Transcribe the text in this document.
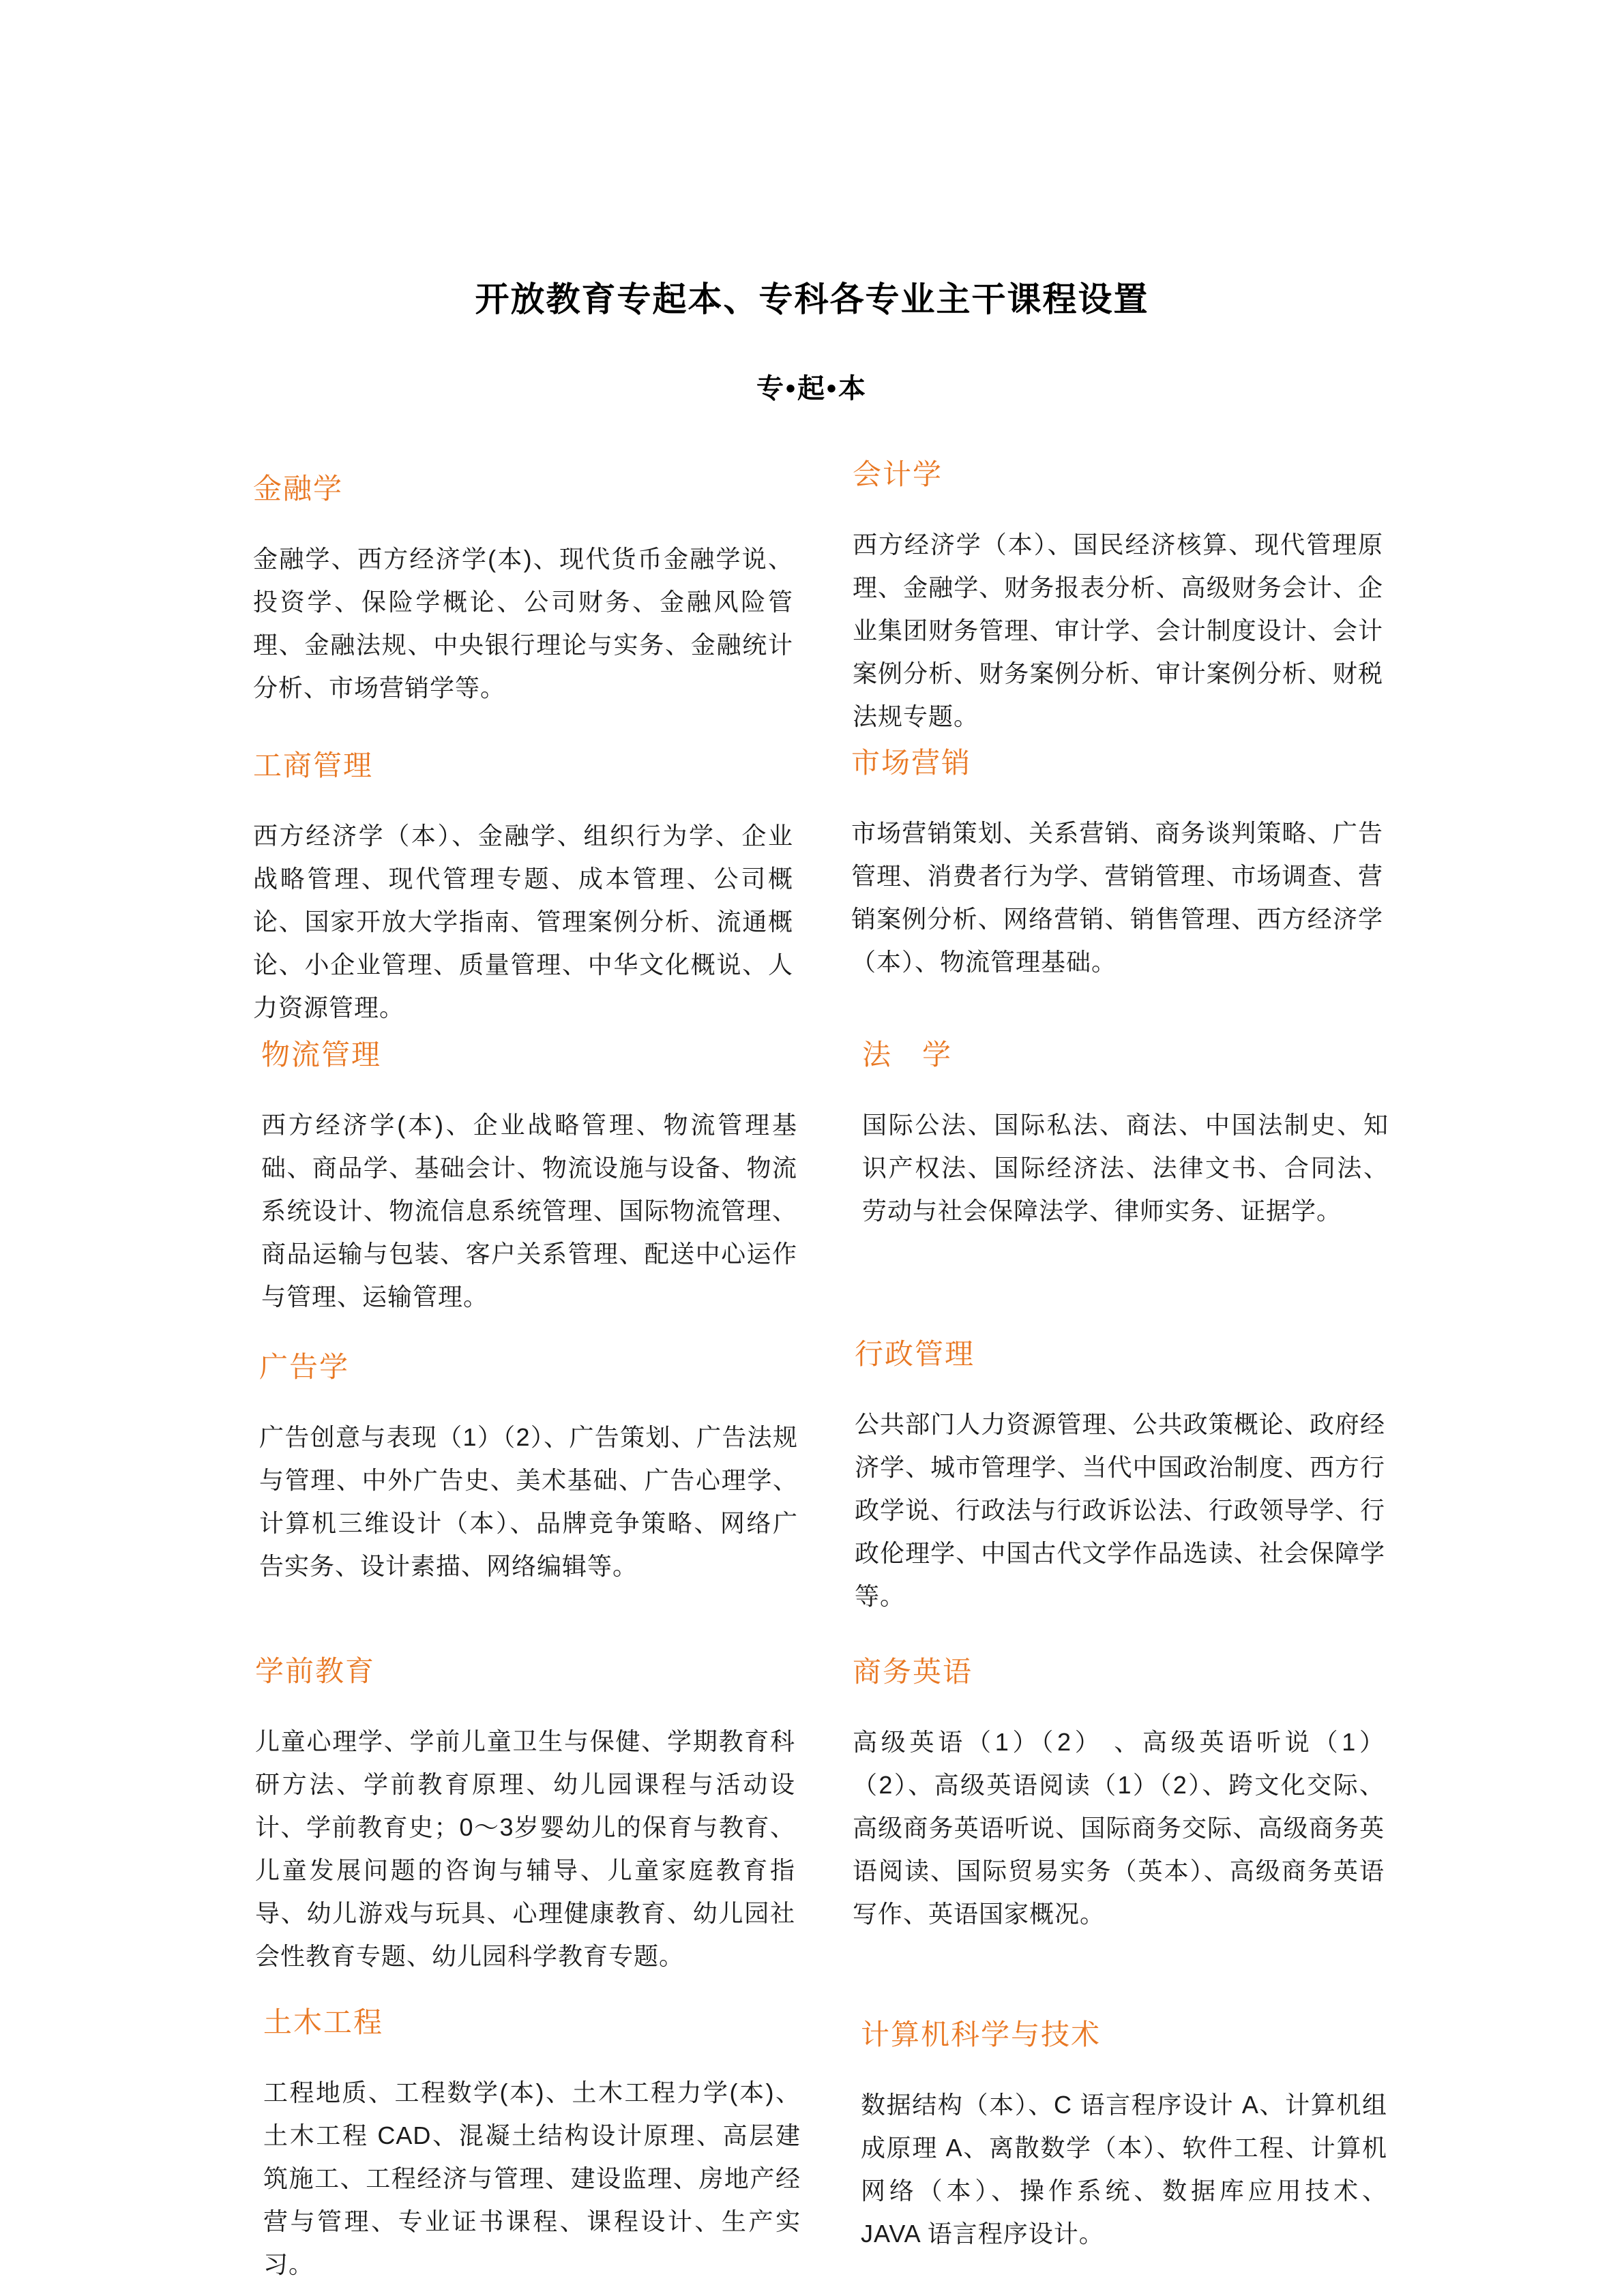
开放教育专起本、专科各专业主干课程设置
专•起•本
金融学

金融学、西方经济学(本)、现代货币金融学说、投资学、保险学概论、公司财务、金融风险管理、金融法规、中央银行理论与实务、金融统计分析、市场营销学等。

工商管理

西方经济学（本）、金融学、组织行为学、企业战略管理、现代管理专题、成本管理、公司概论、国家开放大学指南、管理案例分析、流通概论、小企业管理、质量管理、中华文化概说、人力资源管理。

物流管理

西方经济学(本)、企业战略管理、物流管理基础、商品学、基础会计、物流设施与设备、物流系统设计、物流信息系统管理、国际物流管理、商品运输与包装、客户关系管理、配送中心运作与管理、运输管理。

广告学

广告创意与表现（1）（2）、广告策划、广告法规与管理、中外广告史、美术基础、广告心理学、计算机三维设计（本）、品牌竞争策略、网络广告实务、设计素描、网络编辑等。

学前教育

儿童心理学、学前儿童卫生与保健、学期教育科研方法、学前教育原理、幼儿园课程与活动设计、学前教育史；0～3岁婴幼儿的保育与教育、儿童发展问题的咨询与辅导、儿童家庭教育指导、幼儿游戏与玩具、心理健康教育、幼儿园社会性教育专题、幼儿园科学教育专题。

土木工程

工程地质、工程数学(本)、土木工程力学(本)、土木工程 CAD、混凝土结构设计原理、高层建筑施工、工程经济与管理、建设监理、房地产经营与管理、专业证书课程、课程设计、生产实习。

会计学

西方经济学（本）、国民经济核算、现代管理原理、金融学、财务报表分析、高级财务会计、企业集团财务管理、审计学、会计制度设计、会计案例分析、财务案例分析、审计案例分析、财税法规专题。

市场营销

市场营销策划、关系营销、商务谈判策略、广告管理、消费者行为学、营销管理、市场调查、营销案例分析、网络营销、销售管理、西方经济学（本）、物流管理基础。

法　学

国际公法、国际私法、商法、中国法制史、知识产权法、国际经济法、法律文书、合同法、劳动与社会保障法学、律师实务、证据学。

行政管理

公共部门人力资源管理、公共政策概论、政府经济学、城市管理学、当代中国政治制度、西方行政学说、行政法与行政诉讼法、行政领导学、行政伦理学、中国古代文学作品选读、社会保障学等。

商务英语

高级英语（1）（2） 、高级英语听说（1）（2）、高级英语阅读（1）（2）、跨文化交际、高级商务英语听说、国际商务交际、高级商务英语阅读、国际贸易实务（英本）、高级商务英语写作、英语国家概况。

计算机科学与技术

数据结构（本）、C 语言程序设计 A、计算机组成原理 A、离散数学（本）、软件工程、计算机网络（本）、操作系统、数据库应用技术、JAVA 语言程序设计。
